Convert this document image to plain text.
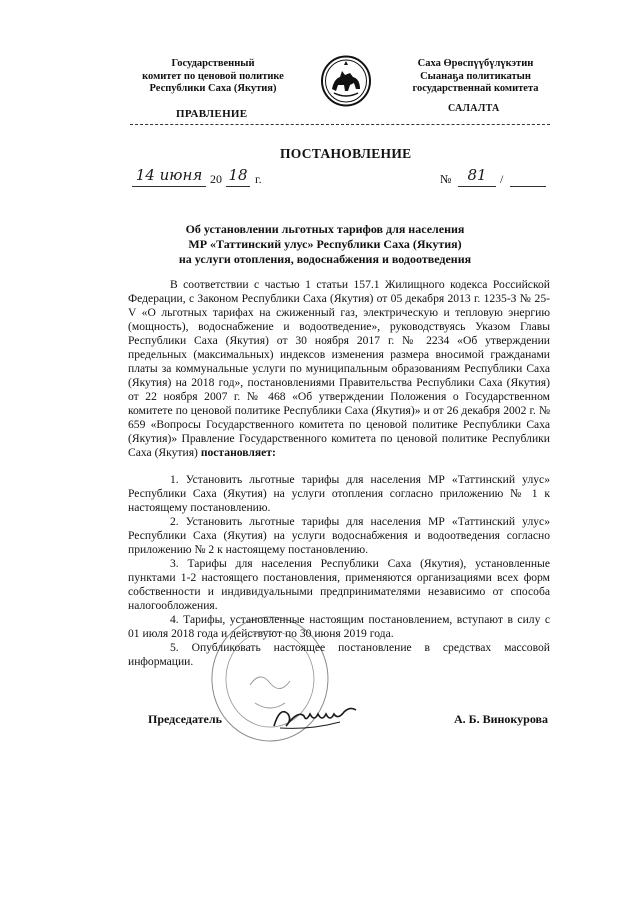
Государственный
комитет по ценовой политике
Республики Саха (Якутия)
Саха Өрөспүүбүлүкэтин
Сыанаҕа политикатын
государственнай комитета
ПРАВЛЕНИЕ	САЛАЛТА
ПОСТАНОВЛЕНИЕ
14 июня 20 18 г.	№	81	/
Об установлении льготных тарифов для населения
МР «Таттинский улус» Республики Саха (Якутия)
на услуги отопления, водоснабжения и водоотведения

В соответствии с частью 1 статьи 157.1 Жилищного кодекса Российской Федерации, с Законом Республики Саха (Якутия) от 05 декабря 2013 г. 1235-З № 25-V «О льготных тарифах на сжиженный газ, электрическую и тепловую энергию (мощность), водоснабжение и водоотведение», руководствуясь Указом Главы Республики Саха (Якутия) от 30 ноября 2017 г. № 2234 «Об утверждении предельных (максимальных) индексов изменения размера вносимой гражданами платы за коммунальные услуги по муниципальным образованиям Республики Саха (Якутия) на 2018 год», постановлениями Правительства Республики Саха (Якутия) от 22 ноября 2007 г. № 468 «Об утверждении Положения о Государственном комитете по ценовой политике Республики Саха (Якутия)» и от 26 декабря 2002 г. № 659 «Вопросы Государственного комитета по ценовой политике Республики Саха (Якутия)» Правление Государственного комитета по ценовой политике Республики Саха (Якутия) постановляет:

1. Установить льготные тарифы для населения МР «Таттинский улус» Республики Саха (Якутия) на услуги отопления согласно приложению № 1 к настоящему постановлению.

2. Установить льготные тарифы для населения МР «Таттинский улус» Республики Саха (Якутия) на услуги водоснабжения и водоотведения согласно приложению № 2 к настоящему постановлению.

3. Тарифы для населения Республики Саха (Якутия), установленные пунктами 1-2 настоящего постановления, применяются организациями всех форм собственности и индивидуальными предпринимателями независимо от способа налогообложения.

4. Тарифы, установленные настоящим постановлением, вступают в силу с 01 июля 2018 года и действуют по 30 июня 2019 года.

5. Опубликовать настоящее постановление в средствах массовой информации.

Председатель	А. Б. Винокурова
